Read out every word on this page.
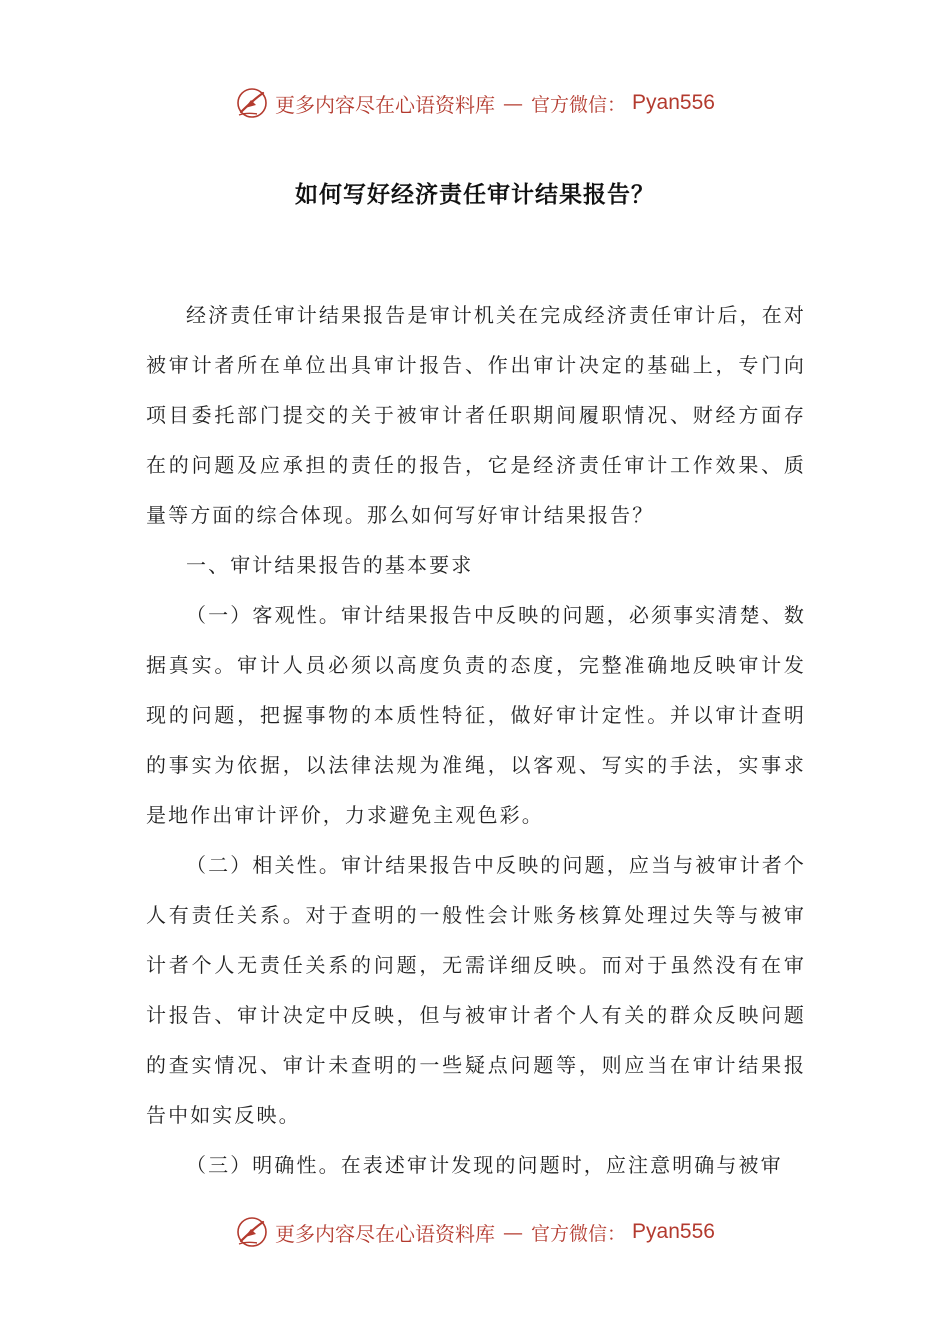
更多内容尽在心语资料库 — 官方微信： Pyan556
如何写好经济责任审计结果报告？

经济责任审计结果报告是审计机关在完成经济责任审计后，在对被审计者所在单位出具审计报告、作出审计决定的基础上，专门向项目委托部门提交的关于被审计者任职期间履职情况、财经方面存在的问题及应承担的责任的报告，它是经济责任审计工作效果、质量等方面的综合体现。那么如何写好审计结果报告？

一、审计结果报告的基本要求

（一）客观性。审计结果报告中反映的问题，必须事实清楚、数据真实。审计人员必须以高度负责的态度，完整准确地反映审计发现的问题，把握事物的本质性特征，做好审计定性。并以审计查明的事实为依据，以法律法规为准绳，以客观、写实的手法，实事求是地作出审计评价，力求避免主观色彩。

（二）相关性。审计结果报告中反映的问题，应当与被审计者个人有责任关系。对于查明的一般性会计账务核算处理过失等与被审计者个人无责任关系的问题，无需详细反映。而对于虽然没有在审计报告、审计决定中反映，但与被审计者个人有关的群众反映问题的查实情况、审计未查明的一些疑点问题等，则应当在审计结果报告中如实反映。

（三）明确性。在表述审计发现的问题时，应注意明确与被审

更多内容尽在心语资料库 — 官方微信： Pyan556
